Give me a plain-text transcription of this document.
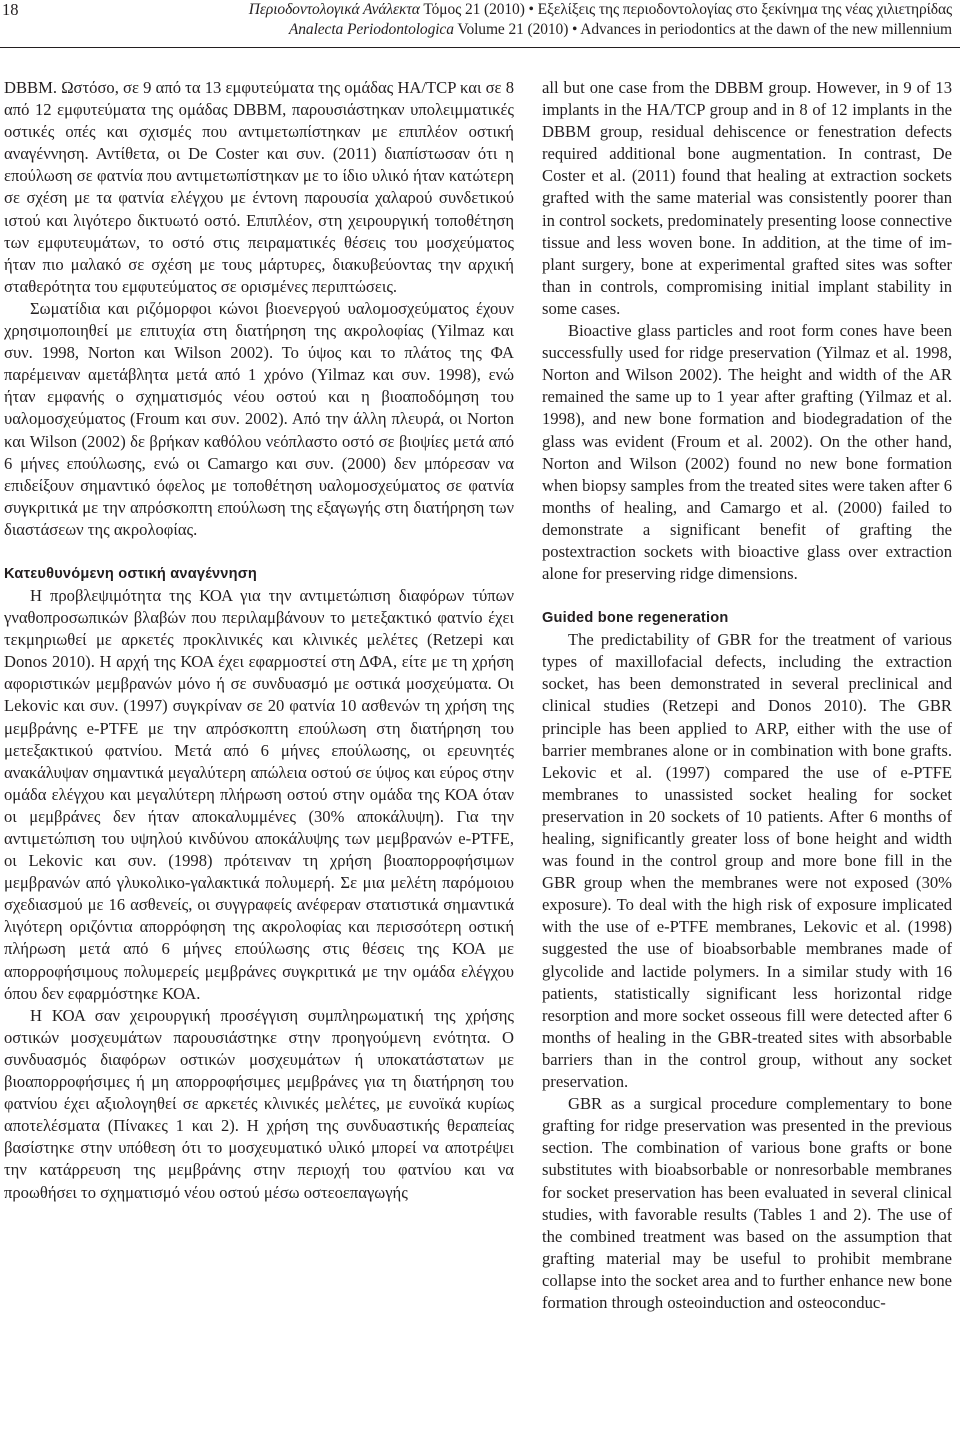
18	Περιοδοντολογικά Ανάλεκτα Τόμος 21 (2010) • Εξελίξεις της περιοδοντολογίας στο ξεκίνημα της νέας χιλιετηρίδας
Analecta Periodontologica Volume 21 (2010) • Advances in periodontics at the dawn of the new millennium

DBBM. Ωστόσο, σε 9 από τα 13 εμφυτεύματα της ομάδας HA/TCP και σε 8 από 12 εμφυτεύματα της ομάδας DBBM, παρουσιάστηκαν υπολειμματικές οστικές οπές και σχισμές που αντιμετωπίστηκαν με επιπλέον οστική αναγέννηση. Αντίθετα, οι De Coster και συν. (2011) διαπίστωσαν ότι η επούλωση σε φατνία που αντιμετωπίστηκαν με το ίδιο υλικό ήταν κατώτερη σε σχέση με τα φατνία ελέγχου με έντονη παρουσία χαλαρού συνδετικού ιστού και λιγότερο δικτυωτό οστό. Επιπλέον, στη χειρουργική τοποθέτηση των εμφυτευμάτων, το οστό στις πειραματικές θέσεις του μοσχεύματος ήταν πιο μαλακό σε σχέση με τους μάρτυρες, διακυβεύοντας την αρχική σταθερότητα του εμφυτεύματος σε ορισμένες περιπτώσεις.

Σωματίδια και ριζόμορφοι κώνοι βιοενεργού υαλομοσχεύματος έχουν χρησιμοποιηθεί με επιτυχία στη διατήρηση της ακρολοφίας (Yilmaz και συν. 1998, Norton και Wilson 2002). Το ύψος και το πλάτος της ΦΑ παρέμειναν αμετάβλητα μετά από 1 χρόνο (Yilmaz και συν. 1998), ενώ ήταν εμφανής ο σχηματισμός νέου οστού και η βιοαποδόμηση του υαλομοσχεύματος (Froum και συν. 2002). Από την άλλη πλευρά, οι Norton και Wilson (2002) δε βρήκαν καθόλου νεόπλαστο οστό σε βιοψίες μετά από 6 μήνες επούλωσης, ενώ οι Camargo και συν. (2000) δεν μπόρεσαν να επιδείξουν σημαντικό όφελος με τοποθέτηση υαλομοσχεύματος σε φατνία συγκριτικά με την απρόσκοπτη επούλωση της εξαγωγής στη διατήρηση των διαστάσεων της ακρολοφίας.

Κατευθυνόμενη οστική αναγέννηση

Η προβλεψιμότητα της ΚΟΑ για την αντιμετώπιση διαφόρων τύπων γναθοπροσωπικών βλαβών που περιλαμβάνουν το μετεξακτικό φατνίο έχει τεκμηριωθεί με αρκετές προκλινικές και κλινικές μελέτες (Retzepi και Donos 2010). Η αρχή της ΚΟΑ έχει εφαρμοστεί στη ΔΦΑ, είτε με τη χρήση αφοριστικών μεμβρανών μόνο ή σε συνδυασμό με οστικά μοσχεύματα. Οι Lekovic και συν. (1997) συγκρίναν σε 20 φατνία 10 ασθενών τη χρήση της μεμβράνης e-PTFE με την απρόσκοπτη επούλωση στη διατήρηση του μετεξακτικού φατνίου. Μετά από 6 μήνες επούλωσης, οι ερευνητές ανακάλυψαν σημαντικά μεγαλύτερη απώλεια οστού σε ύψος και εύρος στην ομάδα ελέγχου και μεγαλύτερη πλήρωση οστού στην ομάδα της ΚΟΑ όταν οι μεμβράνες δεν ήταν αποκαλυμμένες (30% αποκάλυψη). Για την αντιμετώπιση του υψηλού κινδύνου αποκάλυψης των μεμβρανών e-PTFE, οι Lekovic και συν. (1998) πρότειναν τη χρήση βιοαπορροφήσιμων μεμβρανών από γλυκολικο-γαλακτικά πολυμερή. Σε μια μελέτη παρόμοιου σχεδιασμού με 16 ασθενείς, οι συγγραφείς ανέφεραν στατιστικά σημαντικά λιγότερη οριζόντια απορρόφηση της ακρολοφίας και περισσότερη οστική πλήρωση μετά από 6 μήνες επούλωσης στις θέσεις της ΚΟΑ με απορροφήσιμους πολυμερείς μεμβράνες συγκριτικά με την ομάδα ελέγχου όπου δεν εφαρμόστηκε ΚΟΑ.

Η ΚΟΑ σαν χειρουργική προσέγγιση συμπληρωματική της χρήσης οστικών μοσχευμάτων παρουσιάστηκε στην προηγούμενη ενότητα. Ο συνδυασμός διαφόρων οστικών μοσχευμάτων ή υποκατάστατων με βιοαπορροφήσιμες ή μη απορροφήσιμες μεμβράνες για τη διατήρηση του φατνίου έχει αξιολογηθεί σε αρκετές κλινικές μελέτες, με ευνοϊκά κυρίως αποτελέσματα (Πίνακες 1 και 2). Η χρήση της συνδυαστικής θεραπείας βασίστηκε στην υπόθεση ότι το μοσχευματικό υλικό μπορεί να αποτρέψει την κατάρρευση της μεμβράνης στην περιοχή του φατνίου και να προωθήσει το σχηματισμό νέου οστού μέσω οστεοεπαγωγής

all but one case from the DBBM group. However, in 9 of 13 implants in the HA/TCP group and in 8 of 12 implants in the DBBM group, residual dehiscence or fenestration defects required additional bone augmentation. In contrast, De Coster et al. (2011) found that healing at extraction sockets grafted with the same material was consistently poorer than in control sockets, predominately presenting loose connective tissue and less woven bone. In addition, at the time of implant surgery, bone at experimental grafted sites was softer than in controls, compromising initial implant stability in some cases.

Bioactive glass particles and root form cones have been successfully used for ridge preservation (Yilmaz et al. 1998, Norton and Wilson 2002). The height and width of the AR remained the same up to 1 year after grafting (Yilmaz et al. 1998), and new bone formation and biodegradation of the glass was evident (Froum et al. 2002). On the other hand, Norton and Wilson (2002) found no new bone formation when biopsy samples from the treated sites were taken after 6 months of healing, and Camargo et al. (2000) failed to demonstrate a significant benefit of grafting the postextraction sockets with bioactive glass over extraction alone for preserving ridge dimensions.

Guided bone regeneration

The predictability of GBR for the treatment of various types of maxillofacial defects, including the extraction socket, has been demonstrated in several preclinical and clinical studies (Retzepi and Donos 2010). The GBR principle has been applied to ARP, either with the use of barrier membranes alone or in combination with bone grafts. Lekovic et al. (1997) compared the use of e-PTFE membranes to unassisted socket healing for socket preservation in 20 sockets of 10 patients. After 6 months of healing, significantly greater loss of bone height and width was found in the control group and more bone fill in the GBR group when the membranes were not exposed (30% exposure). To deal with the high risk of exposure implicated with the use of e-PTFE membranes, Lekovic et al. (1998) suggested the use of bioabsorbable membranes made of glycolide and lactide polymers. In a similar study with 16 patients, statistically significant less horizontal ridge resorption and more socket osseous fill were detected after 6 months of healing in the GBR-treated sites with absorbable barriers than in the control group, without any socket preservation.

GBR as a surgical procedure complementary to bone grafting for ridge preservation was presented in the previous section. The combination of various bone grafts or bone substitutes with bioabsorbable or nonresorbable membranes for socket preservation has been evaluated in several clinical studies, with favorable results (Tables 1 and 2). The use of the combined treatment was based on the assumption that grafting material may be useful to prohibit membrane collapse into the socket area and to further enhance new bone formation through osteoinduction and osteoconduc-
